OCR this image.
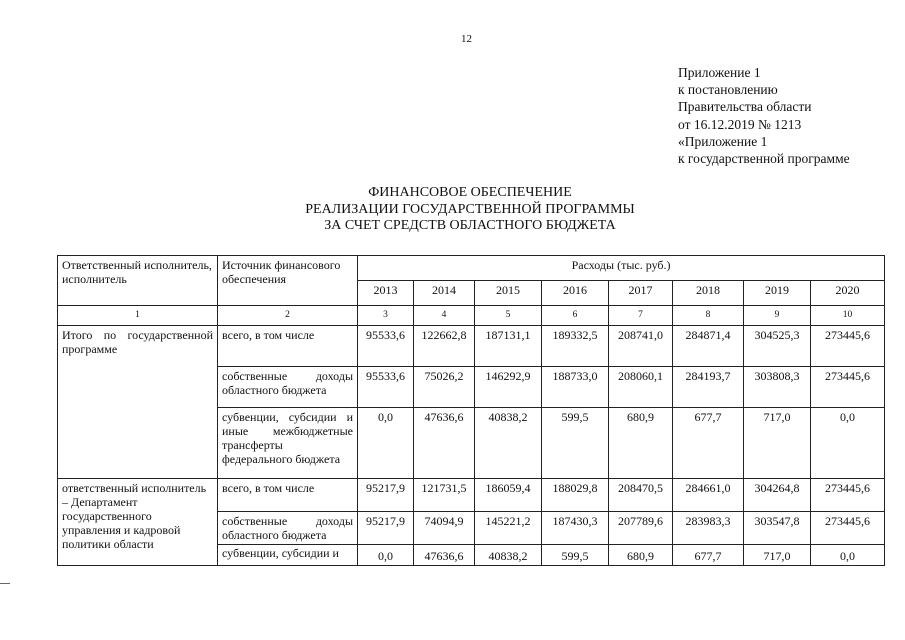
12
Приложение 1
к постановлению
Правительства области
от 16.12.2019 № 1213
«Приложение 1
к государственной программе
ФИНАНСОВОЕ ОБЕСПЕЧЕНИЕ
РЕАЛИЗАЦИИ ГОСУДАРСТВЕННОЙ ПРОГРАММЫ
ЗА СЧЕТ СРЕДСТВ ОБЛАСТНОГО БЮДЖЕТА
Ответственный исполнитель, исполнитель	Источник финансового обеспечения	Расходы (тыс. руб.)							
		2013	2014	2015	2016	2017	2018	2019	2020
1	2	3	4	5	6	7	8	9	10
Итого по государственной программе	всего, в том числе	95533,6	122662,8	187131,1	189332,5	208741,0	284871,4	304525,3	273445,6
	собственные доходы областного бюджета	95533,6	75026,2	146292,9	188733,0	208060,1	284193,7	303808,3	273445,6
	субвенции, субсидии и иные межбюджетные трансферты федерального бюджета	0,0	47636,6	40838,2	599,5	680,9	677,7	717,0	0,0
ответственный исполнитель – Департамент государственного управления и кадровой политики области	всего, в том числе	95217,9	121731,5	186059,4	188029,8	208470,5	284661,0	304264,8	273445,6
	собственные доходы областного бюджета	95217,9	74094,9	145221,2	187430,3	207789,6	283983,3	303547,8	273445,6
	субвенции, субсидии и	0,0	47636,6	40838,2	599,5	680,9	677,7	717,0	0,0
